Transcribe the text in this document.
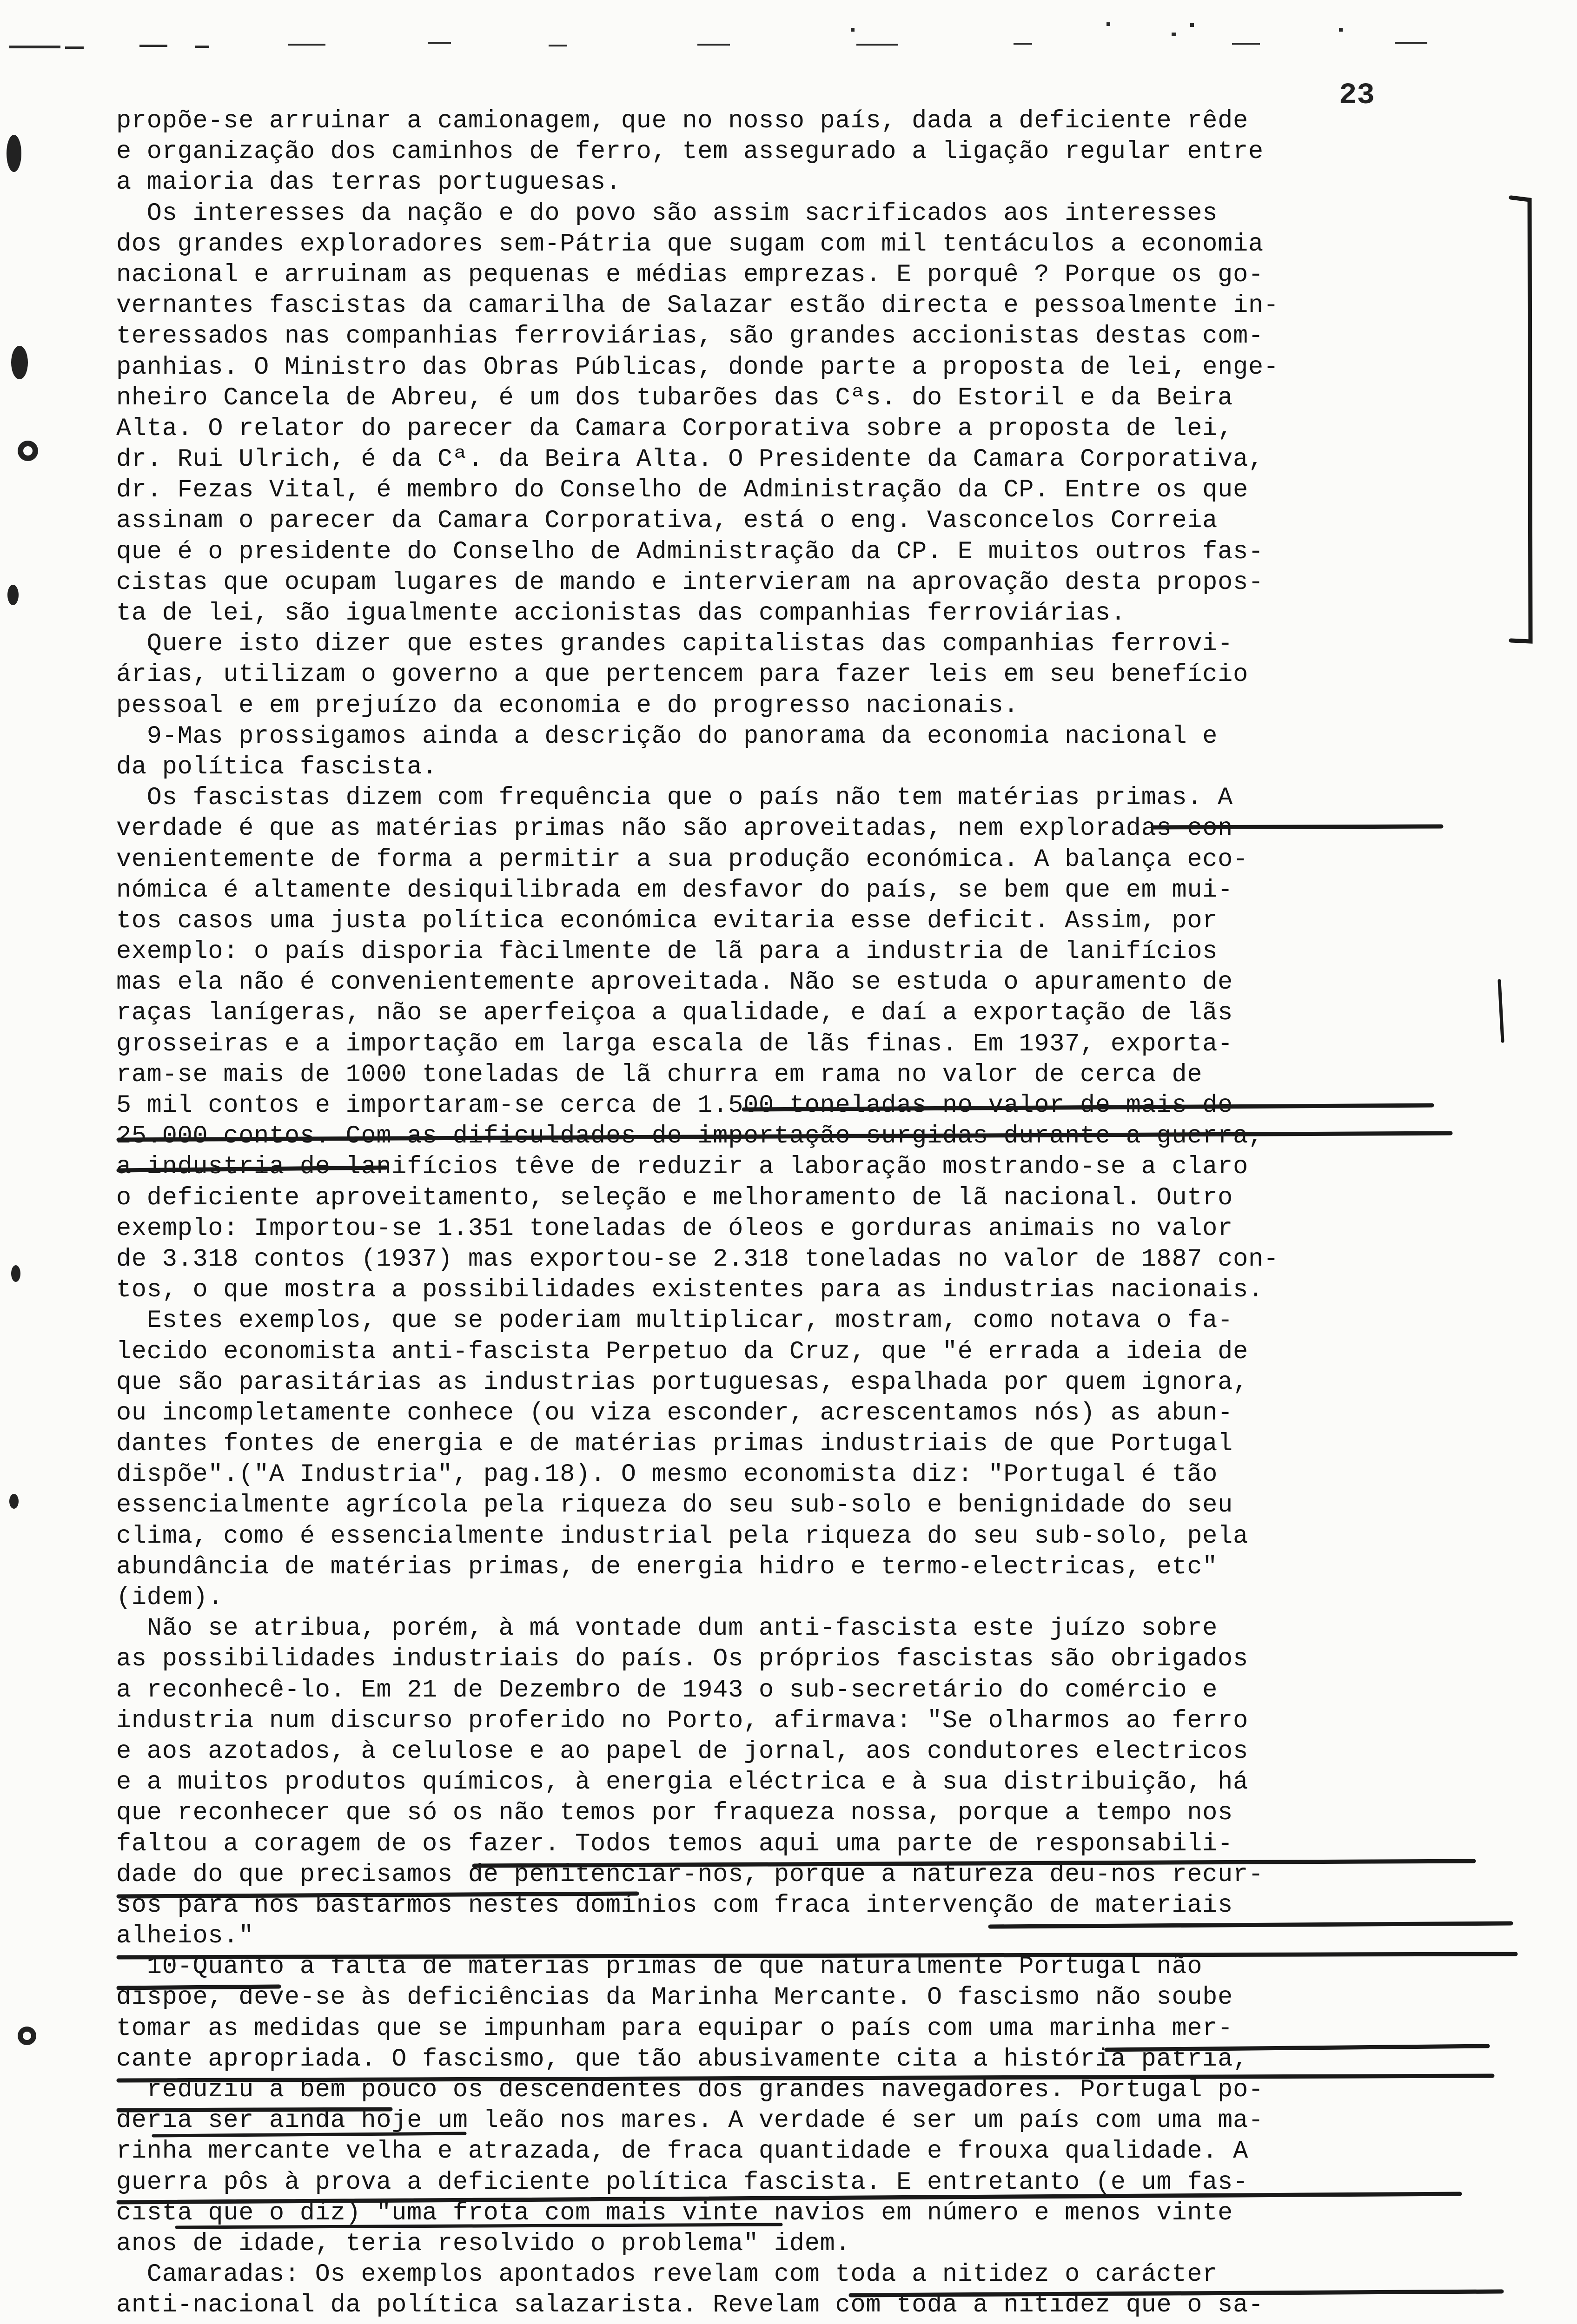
23
propõe-se arruinar a camionagem, que no nosso país, dada a deficiente rêde
e organização dos caminhos de ferro, tem assegurado a ligação regular entre
a maioria das terras portuguesas.
Os interesses da nação e do povo são assim sacrificados aos interesses
dos grandes exploradores sem-Pátria que sugam com mil tentáculos a economia
nacional e arruinam as pequenas e médias emprezas. E porquê ? Porque os go-
vernantes fascistas da camarilha de Salazar estão directa e pessoalmente in-
teressados nas companhias ferroviárias, são grandes accionistas destas com-
panhias. O Ministro das Obras Públicas, donde parte a proposta de lei, enge-
nheiro Cancela de Abreu, é um dos tubarões das Cªs. do Estoril e da Beira
Alta. O relator do parecer da Camara Corporativa sobre a proposta de lei,
dr. Rui Ulrich, é da Cª. da Beira Alta. O Presidente da Camara Corporativa,
dr. Fezas Vital, é membro do Conselho de Administração da CP. Entre os que
assinam o parecer da Camara Corporativa, está o eng. Vasconcelos Correia
que é o presidente do Conselho de Administração da CP. E muitos outros fas-
cistas que ocupam lugares de mando e intervieram na aprovação desta propos-
ta de lei, são igualmente accionistas das companhias ferroviárias.
Quere isto dizer que estes grandes capitalistas das companhias ferrovi-
árias, utilizam o governo a que pertencem para fazer leis em seu benefício
pessoal e em prejuízo da economia e do progresso nacionais.
9-Mas prossigamos ainda a descrição do panorama da economia nacional e
da política fascista.
Os fascistas dizem com frequência que o país não tem matérias primas. A
verdade é que as matérias primas não são aproveitadas, nem exploradas con-
venientemente de forma a permitir a sua produção económica. A balança eco-
nómica é altamente desiquilibrada em desfavor do país, se bem que em mui-
tos casos uma justa política económica evitaria esse deficit. Assim, por
exemplo: o país disporia fàcilmente de lã para a industria de lanifícios
mas ela não é convenientemente aproveitada. Não se estuda o apuramento de
raças lanígeras, não se aperfeiçoa a qualidade, e daí a exportação de lãs
grosseiras e a importação em larga escala de lãs finas. Em 1937, exporta-
ram-se mais de 1000 toneladas de lã churra em rama no valor de cerca de
5 mil contos e importaram-se cerca de 1.500 toneladas no valor de mais de
25.000 contos. Com as dificuldades de importação surgidas durante a guerra,
a industria de lanifícios têve de reduzir a laboração mostrando-se a claro
o deficiente aproveitamento, seleção e melhoramento de lã nacional. Outro
exemplo: Importou-se 1.351 toneladas de óleos e gorduras animais no valor
de 3.318 contos (1937) mas exportou-se 2.318 toneladas no valor de 1887 con-
tos, o que mostra a possibilidades existentes para as industrias nacionais.
Estes exemplos, que se poderiam multiplicar, mostram, como notava o fa-
lecido economista anti-fascista Perpetuo da Cruz, que "é errada a ideia de
que são parasitárias as industrias portuguesas, espalhada por quem ignora,
ou incompletamente conhece (ou viza esconder, acrescentamos nós) as abun-
dantes fontes de energia e de matérias primas industriais de que Portugal
dispõe".("A Industria", pag.18). O mesmo economista diz: "Portugal é tão
essencialmente agrícola pela riqueza do seu sub-solo e benignidade do seu
clima, como é essencialmente industrial pela riqueza do seu sub-solo, pela
abundância de matérias primas, de energia hidro e termo-electricas, etc"
(idem).
Não se atribua, porém, à má vontade dum anti-fascista este juízo sobre
as possibilidades industriais do país. Os próprios fascistas são obrigados
a reconhecê-lo. Em 21 de Dezembro de 1943 o sub-secretário do comércio e
industria num discurso proferido no Porto, afirmava: "Se olharmos ao ferro
e aos azotados, à celulose e ao papel de jornal, aos condutores electricos
e a muitos produtos químicos, à energia eléctrica e à sua distribuição, há
que reconhecer que só os não temos por fraqueza nossa, porque a tempo nos
faltou a coragem de os fazer. Todos temos aqui uma parte de responsabili-
dade do que precisamos de penitenciar-nos, porque a natureza deu-nos recur-
sos para nos bastarmos nestes domínios com fraca intervenção de materiais
alheios."
10-Quanto à falta de matérias primas de que naturalmente Portugal não
dispõe, deve-se às deficiências da Marinha Mercante. O fascismo não soube
tomar as medidas que se impunham para equipar o país com uma marinha mer-
cante apropriada. O fascismo, que tão abusivamente cita a história pátria,
reduziu a bem pouco os descendentes dos grandes navegadores. Portugal po-
deria ser ainda hoje um leão nos mares. A verdade é ser um país com uma ma-
rinha mercante velha e atrazada, de fraca quantidade e frouxa qualidade. A
guerra pôs à prova a deficiente política fascista. E entretanto (e um fas-
cista que o diz) "uma frota com mais vinte navios em número e menos vinte
anos de idade, teria resolvido o problema" idem.
Camaradas: Os exemplos apontados revelam com toda a nitidez o carácter
anti-nacional da política salazarista. Revelam com toda a nitidez que o sa-
